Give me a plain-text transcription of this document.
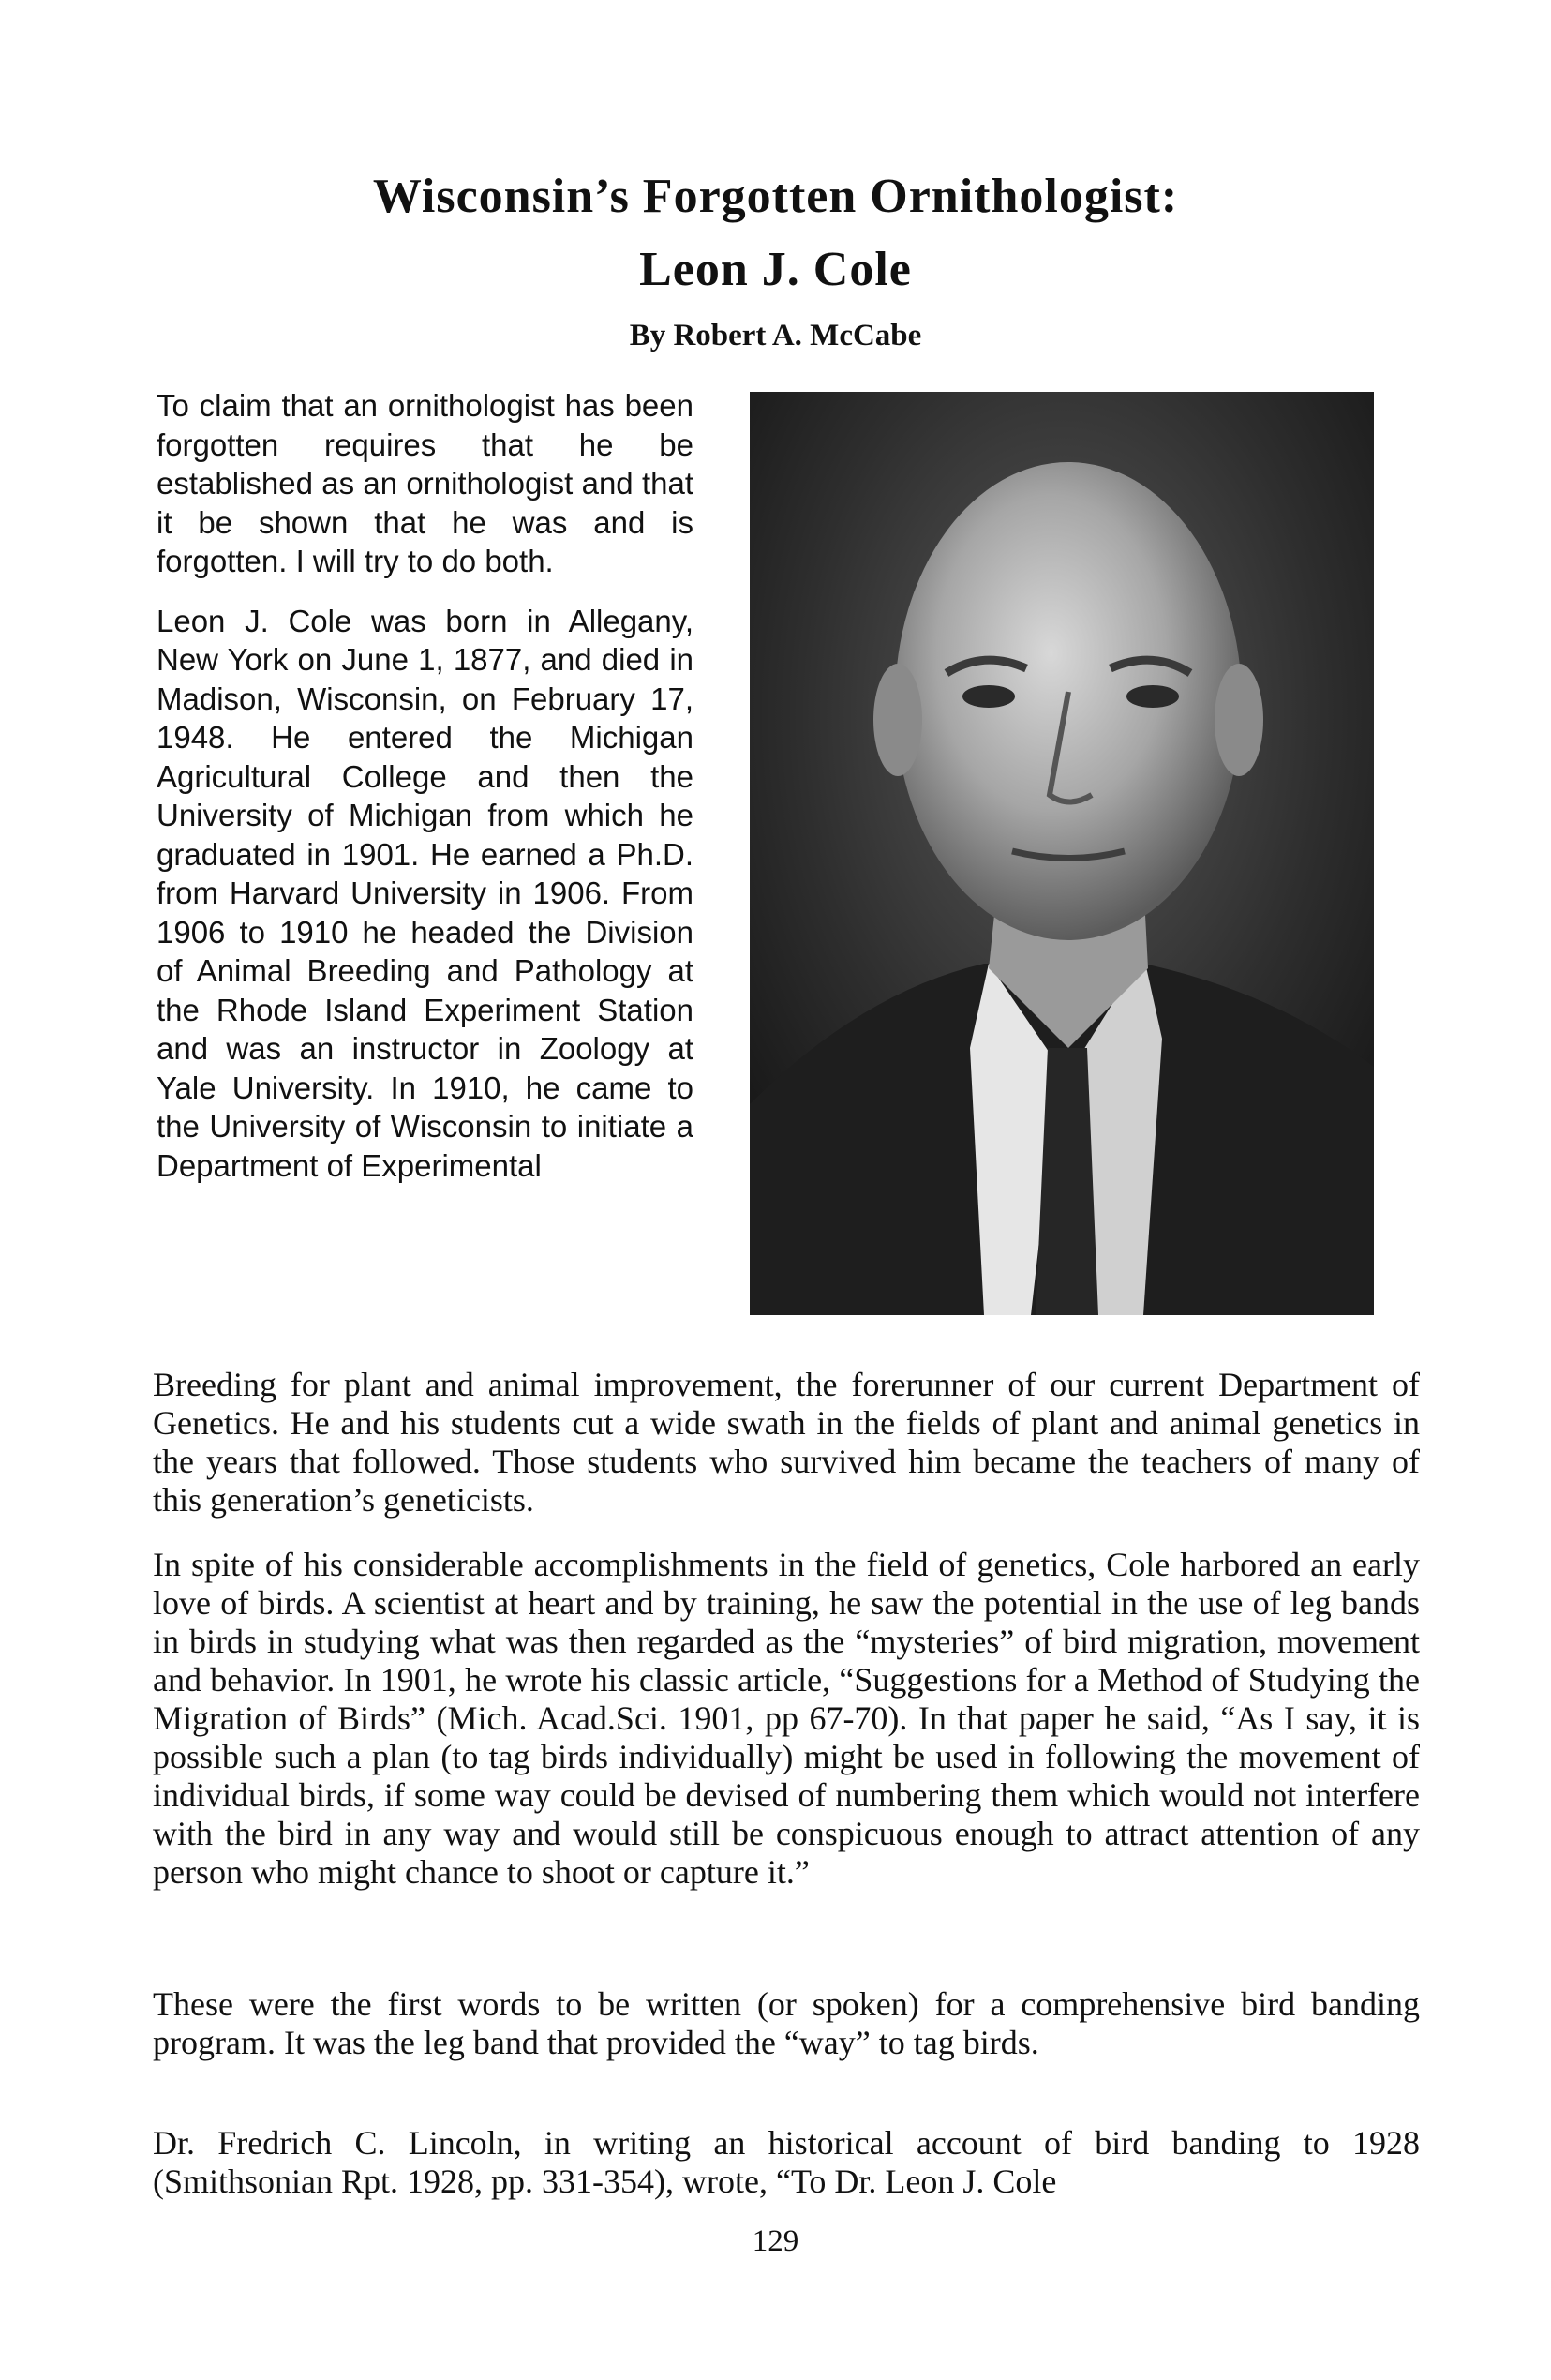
Wisconsin’s Forgotten Ornithologist:
Leon J. Cole
By Robert A. McCabe

To claim that an ornithologist has been forgotten requires that he be established as an ornithologist and that it be shown that he was and is forgotten. I will try to do both.

Leon J. Cole was born in Allegany, New York on June 1, 1877, and died in Madison, Wisconsin, on February 17, 1948. He entered the Michigan Agricultural College and then the University of Michigan from which he graduated in 1901. He earned a Ph.D. from Harvard University in 1906. From 1906 to 1910 he headed the Division of Animal Breeding and Pathology at the Rhode Island Experiment Station and was an instructor in Zoology at Yale University. In 1910, he came to the University of Wisconsin to initiate a Department of Experimental

Breeding for plant and animal improvement, the forerunner of our current Department of Genetics. He and his students cut a wide swath in the fields of plant and animal genetics in the years that followed. Those students who survived him became the teachers of many of this generation’s geneticists.

In spite of his considerable accomplishments in the field of genetics, Cole harbored an early love of birds. A scientist at heart and by training, he saw the potential in the use of leg bands in birds in studying what was then regarded as the “mysteries” of bird migration, movement and behavior. In 1901, he wrote his classic article, “Suggestions for a Method of Studying the Migration of Birds” (Mich. Acad.Sci. 1901, pp 67-70). In that paper he said, “As I say, it is possible such a plan (to tag birds individually) might be used in following the movement of individual birds, if some way could be devised of numbering them which would not interfere with the bird in any way and would still be conspicuous enough to attract attention of any person who might chance to shoot or capture it.”

These were the first words to be written (or spoken) for a comprehensive bird banding program. It was the leg band that provided the “way” to tag birds.

Dr. Fredrich C. Lincoln, in writing an historical account of bird banding to 1928 (Smithsonian Rpt. 1928, pp. 331-354), wrote, “To Dr. Leon J. Cole

129
